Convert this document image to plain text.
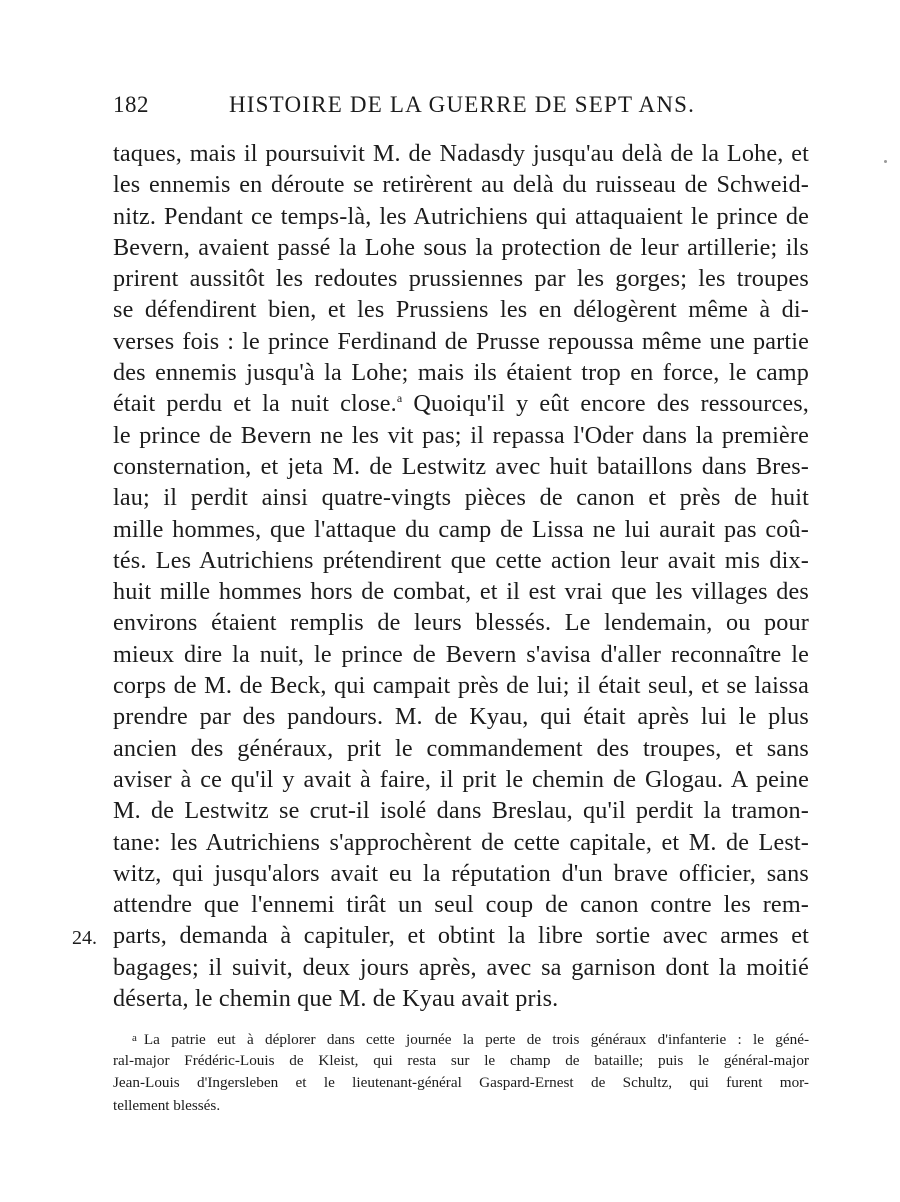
182	HISTOIRE DE LA GUERRE DE SEPT ANS.
taques, mais il poursuivit M. de Nadasdy jusqu'au delà de la Lohe, et
les ennemis en déroute se retirèrent au delà du ruisseau de Schweid-
nitz. Pendant ce temps-là, les Autrichiens qui attaquaient le prince de
Bevern, avaient passé la Lohe sous la protection de leur artillerie; ils
prirent aussitôt les redoutes prussiennes par les gorges; les troupes
se défendirent bien, et les Prussiens les en délogèrent même à di-
verses fois : le prince Ferdinand de Prusse repoussa même une partie
des ennemis jusqu'à la Lohe; mais ils étaient trop en force, le camp
était perdu et la nuit close.$^a$ Quoiqu'il y eût encore des ressources,
le prince de Bevern ne les vit pas; il repassa l'Oder dans la première
consternation, et jeta M. de Lestwitz avec huit bataillons dans Bres-
lau; il perdit ainsi quatre-vingts pièces de canon et près de huit
mille hommes, que l'attaque du camp de Lissa ne lui aurait pas coû-
tés. Les Autrichiens prétendirent que cette action leur avait mis dix-
huit mille hommes hors de combat, et il est vrai que les villages des
environs étaient remplis de leurs blessés. Le lendemain, ou pour
mieux dire la nuit, le prince de Bevern s'avisa d'aller reconnaître le
corps de M. de Beck, qui campait près de lui; il était seul, et se laissa
prendre par des pandours. M. de Kyau, qui était après lui le plus
ancien des généraux, prit le commandement des troupes, et sans
aviser à ce qu'il y avait à faire, il prit le chemin de Glogau. A peine
M. de Lestwitz se crut-il isolé dans Breslau, qu'il perdit la tramon-
tane: les Autrichiens s'approchèrent de cette capitale, et M. de Lest-
witz, qui jusqu'alors avait eu la réputation d'un brave officier, sans
attendre que l'ennemi tirât un seul coup de canon contre les rem-
parts, demanda à capituler, et obtint la libre sortie avec armes et
bagages; il suivit, deux jours après, avec sa garnison dont la moitié
déserta, le chemin que M. de Kyau avait pris.
24.
a La patrie eut à déplorer dans cette journée la perte de trois généraux d'infanterie : le géné-
ral-major Frédéric-Louis de Kleist, qui resta sur le champ de bataille; puis le général-major
Jean-Louis d'Ingersleben et le lieutenant-général Gaspard-Ernest de Schultz, qui furent mor-
tellement blessés.
